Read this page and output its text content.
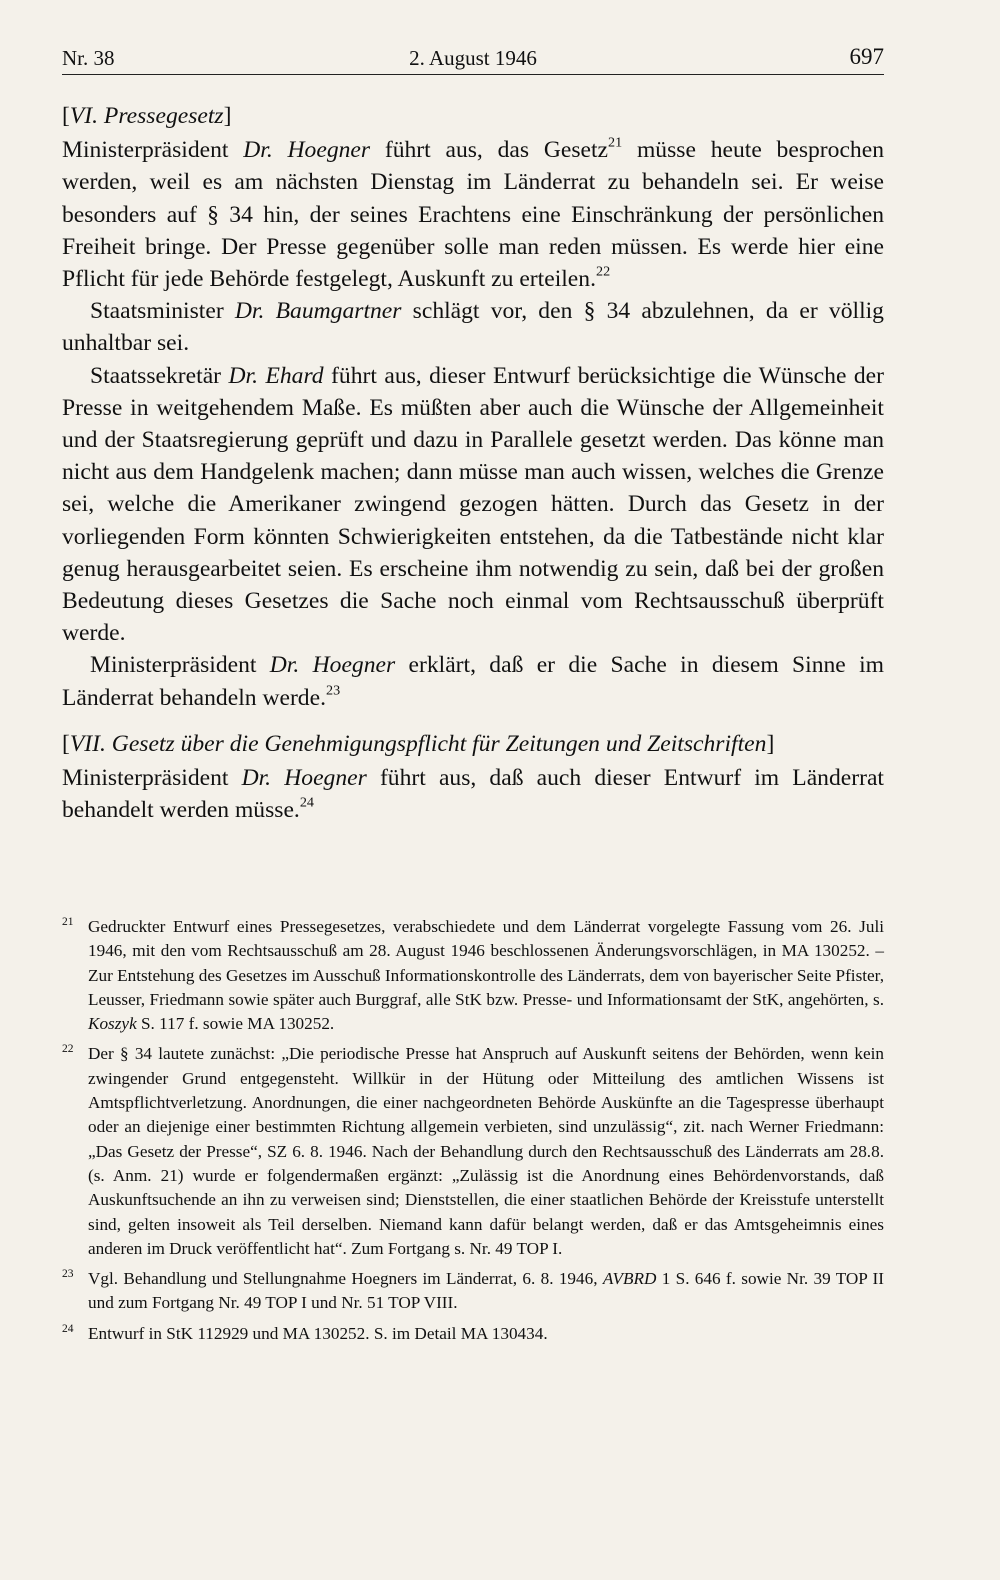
Nr. 38	2. August 1946	697
[VI. Pressegesetz]

Ministerpräsident Dr. Hoegner führt aus, das Gesetz$^{21}$ müsse heute besprochen werden, weil es am nächsten Dienstag im Länderrat zu behandeln sei. Er weise besonders auf § 34 hin, der seines Erachtens eine Einschränkung der persönlichen Freiheit bringe. Der Presse gegenüber solle man reden müssen. Es werde hier eine Pflicht für jede Behörde festgelegt, Auskunft zu erteilen.$^{22}$

Staatsminister Dr. Baumgartner schlägt vor, den § 34 abzulehnen, da er völlig unhaltbar sei.

Staatssekretär Dr. Ehard führt aus, dieser Entwurf berücksichtige die Wünsche der Presse in weitgehendem Maße. Es müßten aber auch die Wünsche der Allgemeinheit und der Staatsregierung geprüft und dazu in Parallele gesetzt werden. Das könne man nicht aus dem Handgelenk machen; dann müsse man auch wissen, welches die Grenze sei, welche die Amerikaner zwingend gezogen hätten. Durch das Gesetz in der vorliegenden Form könnten Schwierigkeiten entstehen, da die Tatbestände nicht klar genug herausgearbeitet seien. Es erscheine ihm notwendig zu sein, daß bei der großen Bedeutung dieses Gesetzes die Sache noch einmal vom Rechtsausschuß überprüft werde.

Ministerpräsident Dr. Hoegner erklärt, daß er die Sache in diesem Sinne im Länderrat behandeln werde.$^{23}$

[VII. Gesetz über die Genehmigungspflicht für Zeitungen und Zeitschriften]

Ministerpräsident Dr. Hoegner führt aus, daß auch dieser Entwurf im Länderrat behandelt werden müsse.$^{24}$

21 Gedruckter Entwurf eines Pressegesetzes, verabschiedete und dem Länderrat vorgelegte Fassung vom 26. Juli 1946, mit den vom Rechtsausschuß am 28. August 1946 beschlossenen Änderungsvorschlägen, in MA 130252. – Zur Entstehung des Gesetzes im Ausschuß Informationskontrolle des Länderrats, dem von bayerischer Seite Pfister, Leusser, Friedmann sowie später auch Burggraf, alle StK bzw. Presse- und Informationsamt der StK, angehörten, s. Koszyk S. 117 f. sowie MA 130252.

22 Der § 34 lautete zunächst: „Die periodische Presse hat Anspruch auf Auskunft seitens der Behörden, wenn kein zwingender Grund entgegensteht. Willkür in der Hütung oder Mitteilung des amtlichen Wissens ist Amtspflichtverletzung. Anordnungen, die einer nachgeordneten Behörde Auskünfte an die Tagespresse überhaupt oder an diejenige einer bestimmten Richtung allgemein verbieten, sind unzulässig“, zit. nach Werner Friedmann: „Das Gesetz der Presse“, SZ 6. 8. 1946. Nach der Behandlung durch den Rechtsausschuß des Länderrats am 28.8. (s. Anm. 21) wurde er folgendermaßen ergänzt: „Zulässig ist die Anordnung eines Behördenvorstands, daß Auskunftsuchende an ihn zu verweisen sind; Dienststellen, die einer staatlichen Behörde der Kreisstufe unterstellt sind, gelten insoweit als Teil derselben. Niemand kann dafür belangt werden, daß er das Amtsgeheimnis eines anderen im Druck veröffentlicht hat“. Zum Fortgang s. Nr. 49 TOP I.

23 Vgl. Behandlung und Stellungnahme Hoegners im Länderrat, 6. 8. 1946, AVBRD 1 S. 646 f. sowie Nr. 39 TOP II und zum Fortgang Nr. 49 TOP I und Nr. 51 TOP VIII.

24 Entwurf in StK 112929 und MA 130252. S. im Detail MA 130434.
